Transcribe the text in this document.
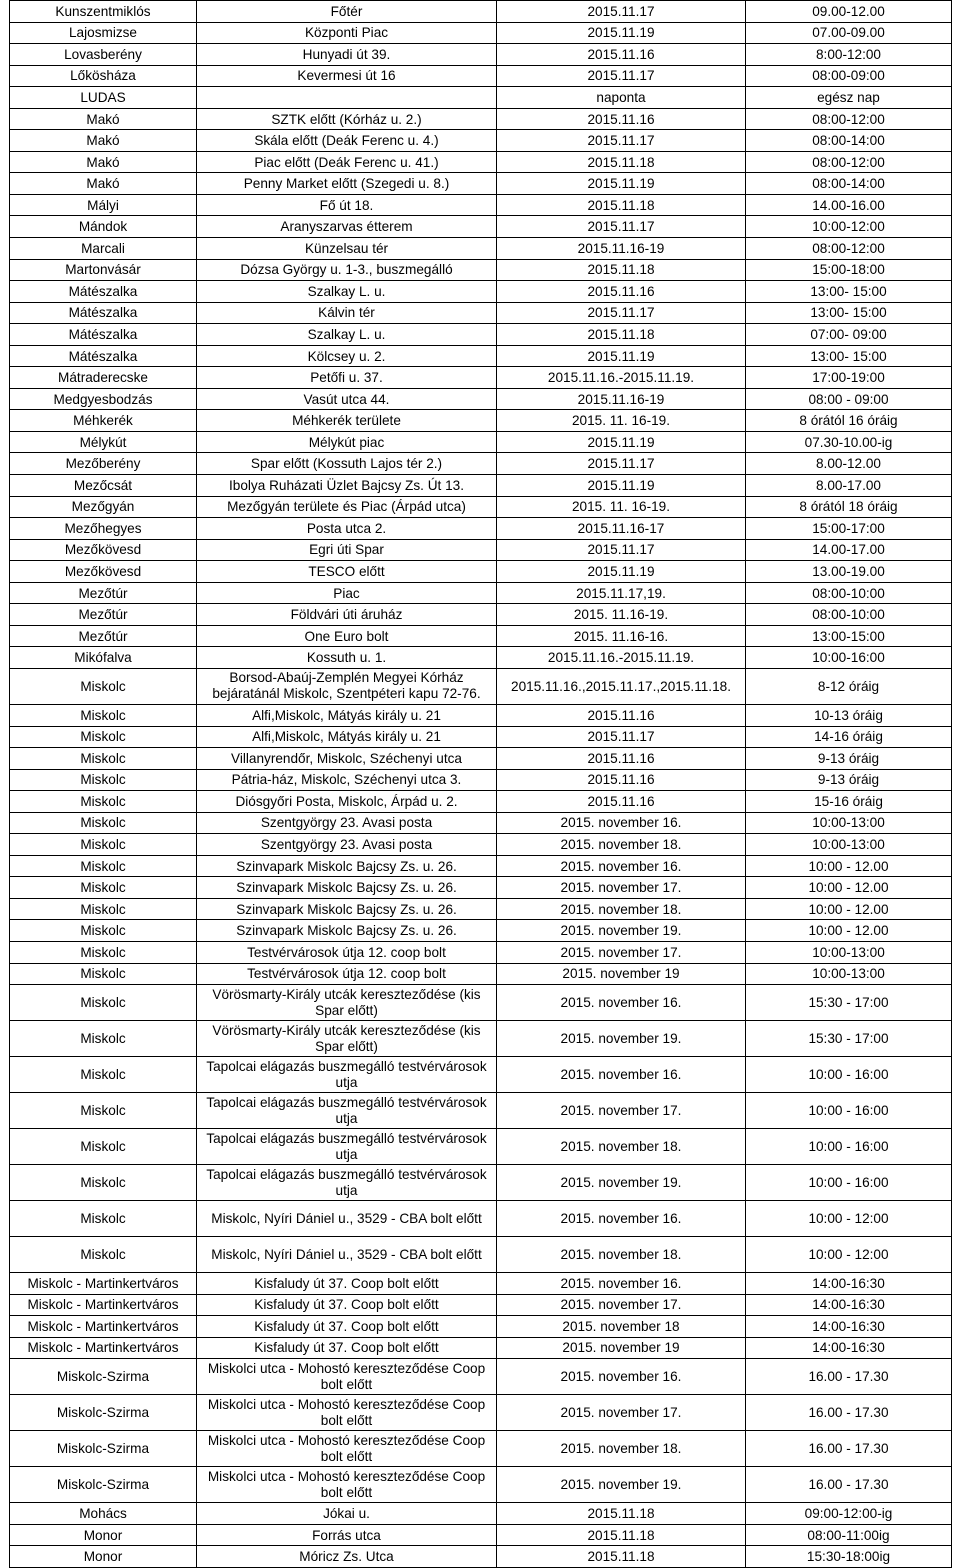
Kunszentmiklós	Főtér	2015.11.17	09.00-12.00
Lajosmizse	Központi Piac	2015.11.19	07.00-09.00
Lovasberény	Hunyadi út 39.	2015.11.16	8:00-12:00
Lőkösháza	Kevermesi út 16	2015.11.17	08:00-09:00
LUDAS		naponta	egész nap
Makó	SZTK előtt (Kórház u. 2.)	2015.11.16	08:00-12:00
Makó	Skála előtt (Deák Ferenc u. 4.)	2015.11.17	08:00-14:00
Makó	Piac előtt (Deák Ferenc u. 41.)	2015.11.18	08:00-12:00
Makó	Penny Market előtt (Szegedi u. 8.)	2015.11.19	08:00-14:00
Mályi	Fő út 18.	2015.11.18	14.00-16.00
Mándok	Aranyszarvas étterem	2015.11.17	10:00-12:00
Marcali	Künzelsau tér	2015.11.16-19	08:00-12:00
Martonvásár	Dózsa György u. 1-3., buszmegálló	2015.11.18	15:00-18:00
Mátészalka	Szalkay L. u.	2015.11.16	13:00- 15:00
Mátészalka	Kálvin tér	2015.11.17	13:00- 15:00
Mátészalka	Szalkay L. u.	2015.11.18	07:00- 09:00
Mátészalka	Kölcsey u. 2.	2015.11.19	13:00- 15:00
Mátraderecske	Petőfi u. 37.	2015.11.16.-2015.11.19.	17:00-19:00
Medgyesbodzás	Vasút utca 44.	2015.11.16-19	08:00 - 09:00
Méhkerék	Méhkerék területe	2015. 11. 16-19.	8 órától 16 óráig
Mélykút	Mélykút piac	2015.11.19	07.30-10.00-ig
Mezőberény	Spar előtt (Kossuth Lajos tér 2.)	2015.11.17	8.00-12.00
Mezőcsát	Ibolya Ruházati Üzlet Bajcsy Zs. Út 13.	2015.11.19	8.00-17.00
Mezőgyán	Mezőgyán területe és Piac (Árpád utca)	2015. 11. 16-19.	8 órától 18 óráig
Mezőhegyes	Posta utca 2.	2015.11.16-17	15:00-17:00
Mezőkövesd	Egri úti Spar	2015.11.17	14.00-17.00
Mezőkövesd	TESCO előtt	2015.11.19	13.00-19.00
Mezőtúr	Piac	2015.11.17,19.	08:00-10:00
Mezőtúr	Földvári úti áruház	2015. 11.16-19.	08:00-10:00
Mezőtúr	One Euro bolt	2015. 11.16-16.	13:00-15:00
Mikófalva	Kossuth u. 1.	2015.11.16.-2015.11.19.	10:00-16:00
Miskolc	Borsod-Abaúj-Zemplén Megyei Kórház bejáratánál Miskolc, Szentpéteri kapu 72-76.	2015.11.16.,2015.11.17.,2015.11.18.	8-12 óráig
Miskolc	Alfi,Miskolc, Mátyás király u. 21	2015.11.16	10-13 óráig
Miskolc	Alfi,Miskolc, Mátyás király u. 21	2015.11.17	14-16 óráig
Miskolc	Villanyrendőr, Miskolc, Széchenyi utca	2015.11.16	9-13 óráig
Miskolc	Pátria-ház, Miskolc, Széchenyi utca 3.	2015.11.16	9-13 óráig
Miskolc	Diósgyőri Posta, Miskolc, Árpád u. 2.	2015.11.16	15-16 óráig
Miskolc	Szentgyörgy 23. Avasi posta	2015. november 16.	10:00-13:00
Miskolc	Szentgyörgy 23. Avasi posta	2015. november 18.	10:00-13:00
Miskolc	Szinvapark Miskolc Bajcsy Zs. u. 26.	2015. november 16.	10:00 - 12.00
Miskolc	Szinvapark Miskolc Bajcsy Zs. u. 26.	2015. november 17.	10:00 - 12.00
Miskolc	Szinvapark Miskolc Bajcsy Zs. u. 26.	2015. november 18.	10:00 - 12.00
Miskolc	Szinvapark Miskolc Bajcsy Zs. u. 26.	2015. november 19.	10:00 - 12.00
Miskolc	Testvérvárosok útja 12. coop bolt	2015. november 17.	10:00-13:00
Miskolc	Testvérvárosok útja 12. coop bolt	2015. november 19	10:00-13:00
Miskolc	Vörösmarty-Király utcák kereszteződése (kis Spar előtt)	2015. november 16.	15:30 - 17:00
Miskolc	Vörösmarty-Király utcák kereszteződése (kis Spar előtt)	2015. november 19.	15:30 - 17:00
Miskolc	Tapolcai elágazás buszmegálló testvérvárosok utja	2015. november 16.	10:00 - 16:00
Miskolc	Tapolcai elágazás buszmegálló testvérvárosok utja	2015. november 17.	10:00 - 16:00
Miskolc	Tapolcai elágazás buszmegálló testvérvárosok utja	2015. november 18.	10:00 - 16:00
Miskolc	Tapolcai elágazás buszmegálló testvérvárosok utja	2015. november 19.	10:00 - 16:00
Miskolc	Miskolc, Nyíri Dániel u., 3529 - CBA bolt előtt	2015. november 16.	10:00 - 12:00
Miskolc	Miskolc, Nyíri Dániel u., 3529 - CBA bolt előtt	2015. november 18.	10:00 - 12:00
Miskolc - Martinkertváros	Kisfaludy út 37. Coop bolt előtt	2015. november 16.	14:00-16:30
Miskolc - Martinkertváros	Kisfaludy út 37. Coop bolt előtt	2015. november 17.	14:00-16:30
Miskolc - Martinkertváros	Kisfaludy út 37. Coop bolt előtt	2015. november 18	14:00-16:30
Miskolc - Martinkertváros	Kisfaludy út 37. Coop bolt előtt	2015. november 19	14:00-16:30
Miskolc-Szirma	Miskolci utca - Mohostó kereszteződése Coop bolt előtt	2015. november 16.	16.00 - 17.30
Miskolc-Szirma	Miskolci utca - Mohostó kereszteződése Coop bolt előtt	2015. november 17.	16.00 - 17.30
Miskolc-Szirma	Miskolci utca - Mohostó kereszteződése Coop bolt előtt	2015. november 18.	16.00 - 17.30
Miskolc-Szirma	Miskolci utca - Mohostó kereszteződése Coop bolt előtt	2015. november 19.	16.00 - 17.30
Mohács	Jókai u.	2015.11.18	09:00-12:00-ig
Monor	Forrás utca	2015.11.18	08:00-11:00ig
Monor	Móricz Zs. Utca	2015.11.18	15:30-18:00ig
